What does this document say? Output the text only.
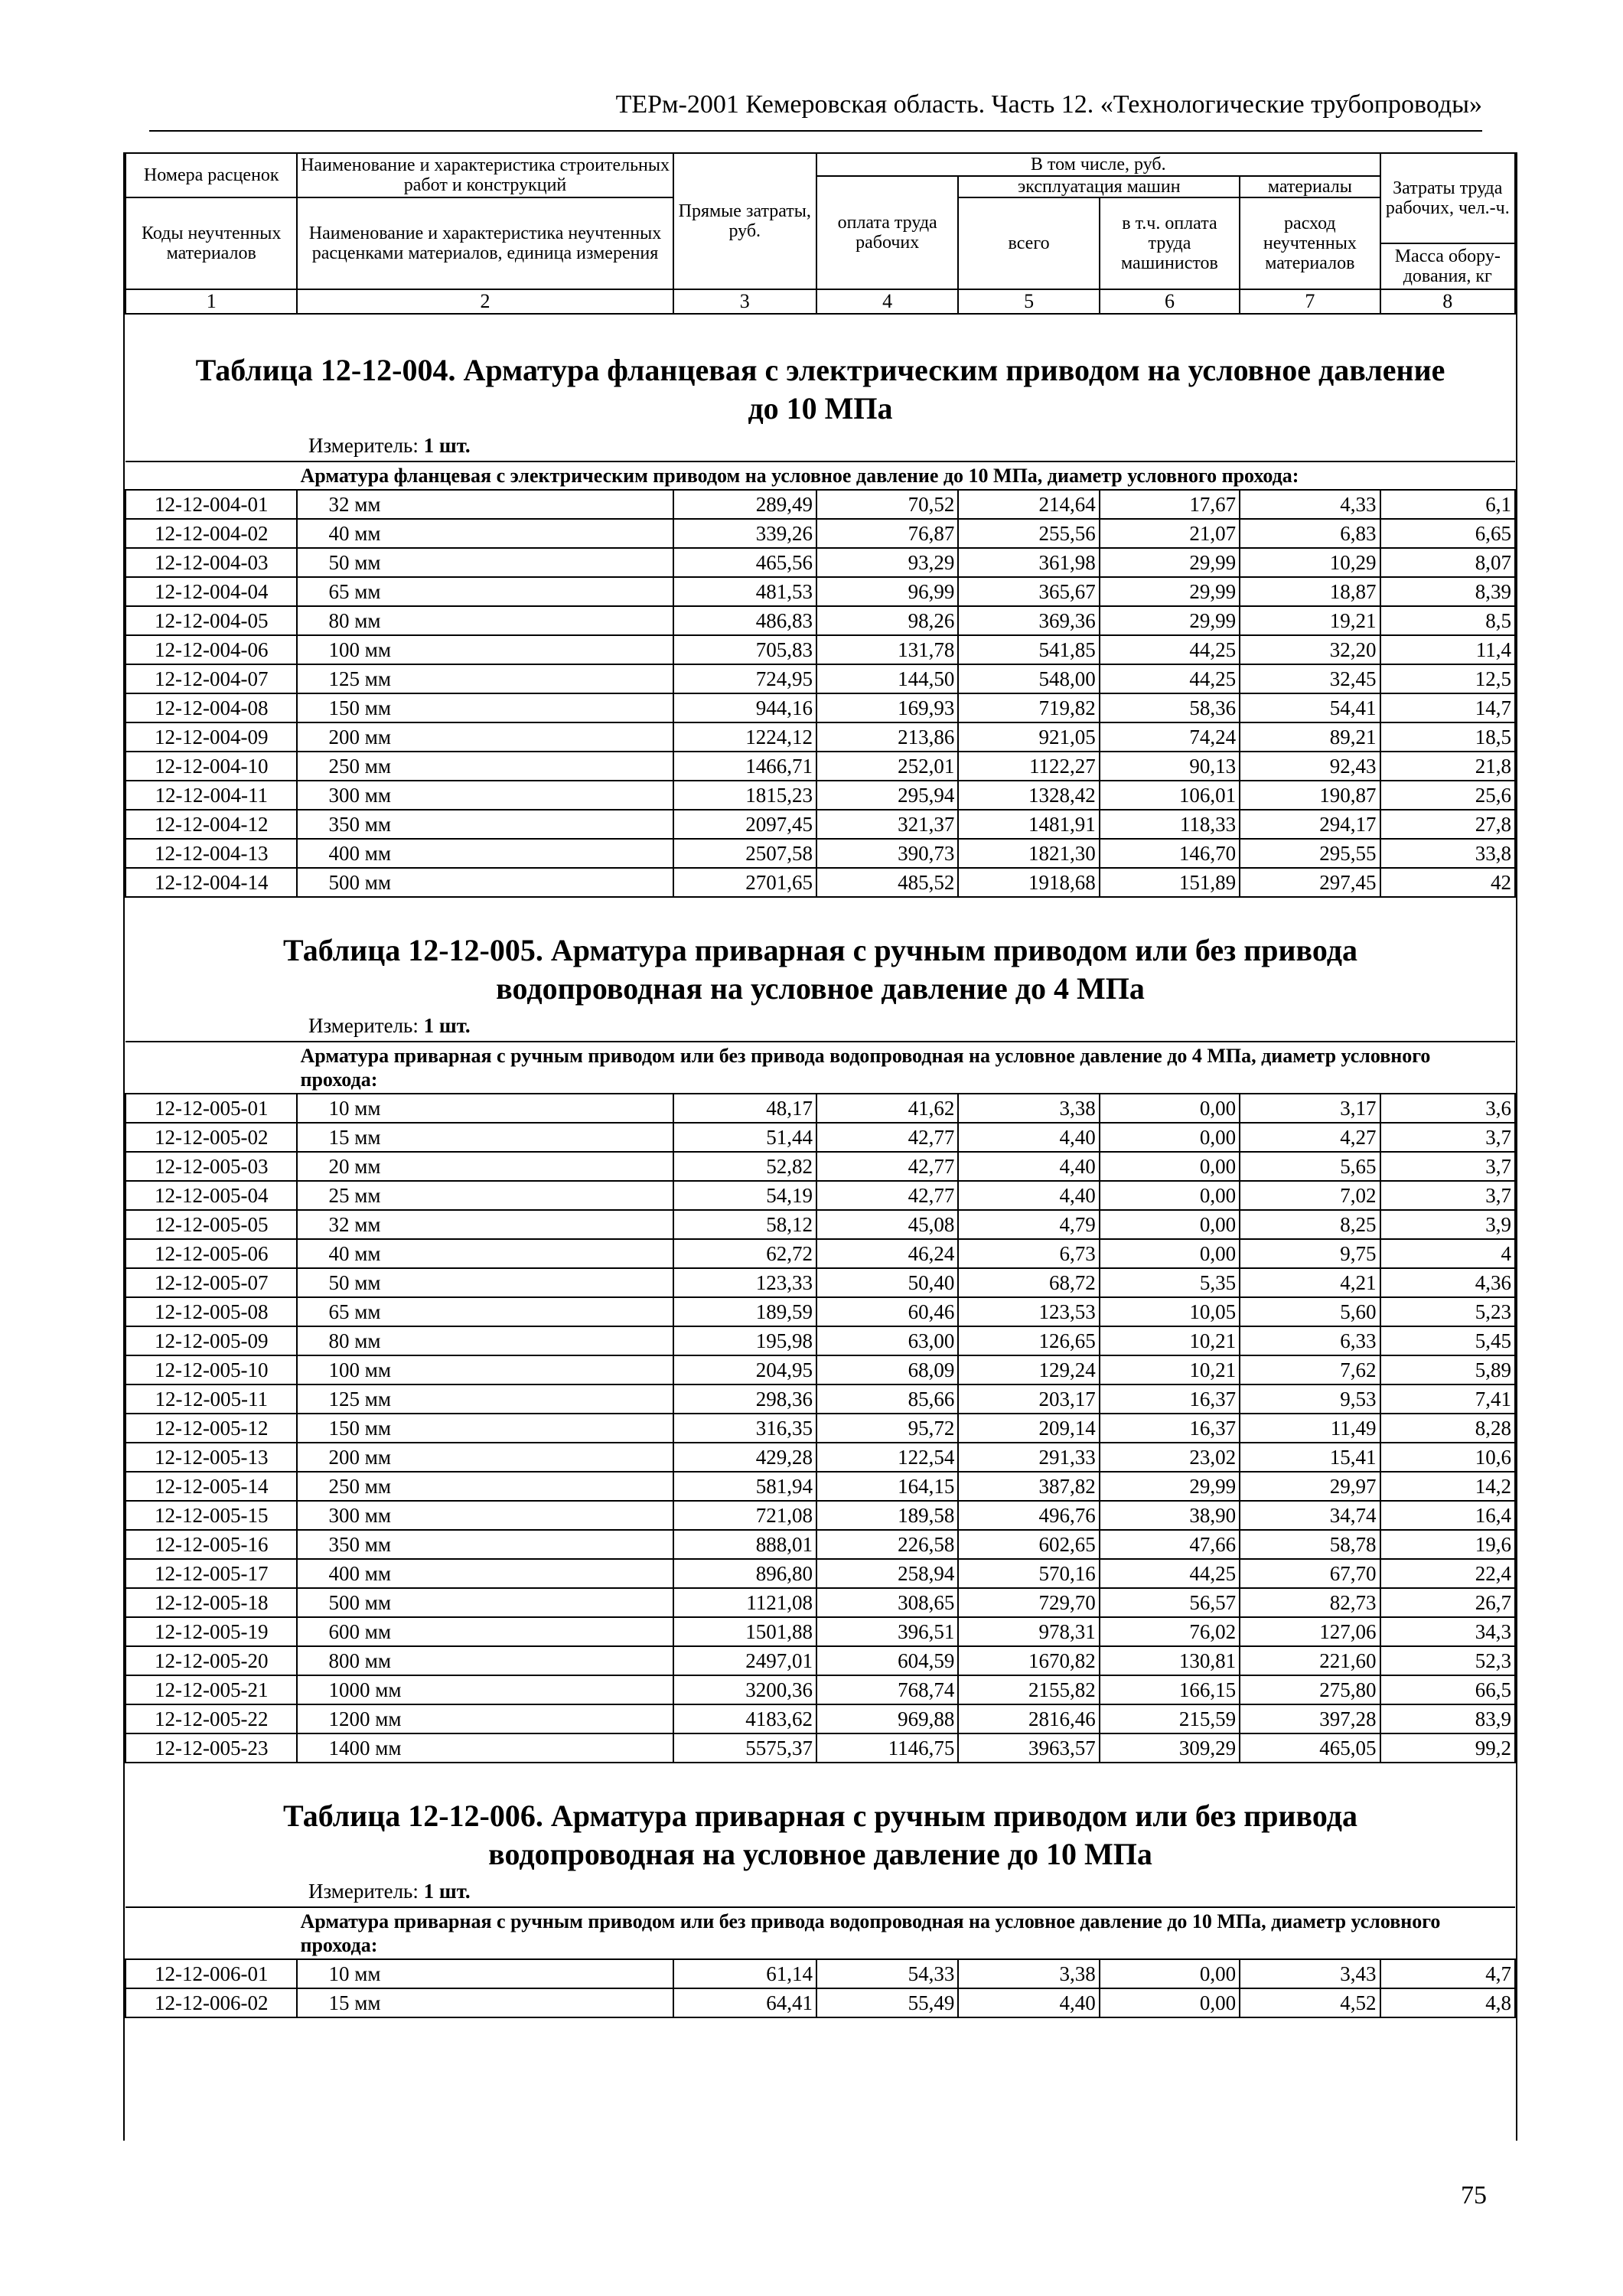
ТЕРм-2001 Кемеровская область. Часть 12. «Технологические трубопроводы»
Номера расценок	Наименование и характеристика строительных работ и конструкций	Прямые затраты, руб.	В том числе, руб.				Затраты труда рабочих, чел.-ч.
			оплата труда рабочих	эксплуатация машин		материалы	
Коды неучтенных материалов	Наименование и характеристика неучтенных расценками материалов, единица измерения			всего	в т.ч. оплата труда машинистов	расход неучтенных материалов	
							Масса обору-дования, кг
1	2	3	4	5	6	7	8
Таблица 12-12-004. Арматура фланцевая с электрическим приводом на условное давление
до 10 МПа
Измеритель: 1 шт.
	Арматура фланцевая с электрическим приводом на условное давление до 10 МПа, диаметр условного прохода:						
12-12-004-01	32 мм	289,49	70,52	214,64	17,67	4,33	6,1
12-12-004-02	40 мм	339,26	76,87	255,56	21,07	6,83	6,65
12-12-004-03	50 мм	465,56	93,29	361,98	29,99	10,29	8,07
12-12-004-04	65 мм	481,53	96,99	365,67	29,99	18,87	8,39
12-12-004-05	80 мм	486,83	98,26	369,36	29,99	19,21	8,5
12-12-004-06	100 мм	705,83	131,78	541,85	44,25	32,20	11,4
12-12-004-07	125 мм	724,95	144,50	548,00	44,25	32,45	12,5
12-12-004-08	150 мм	944,16	169,93	719,82	58,36	54,41	14,7
12-12-004-09	200 мм	1224,12	213,86	921,05	74,24	89,21	18,5
12-12-004-10	250 мм	1466,71	252,01	1122,27	90,13	92,43	21,8
12-12-004-11	300 мм	1815,23	295,94	1328,42	106,01	190,87	25,6
12-12-004-12	350 мм	2097,45	321,37	1481,91	118,33	294,17	27,8
12-12-004-13	400 мм	2507,58	390,73	1821,30	146,70	295,55	33,8
12-12-004-14	500 мм	2701,65	485,52	1918,68	151,89	297,45	42
Таблица 12-12-005. Арматура приварная с ручным приводом или без привода
водопроводная на условное давление до 4 МПа
Измеритель: 1 шт.
	Арматура приварная с ручным приводом или без привода водопроводная на условное давление до 4 МПа, диаметр условного прохода:						
12-12-005-01	10 мм	48,17	41,62	3,38	0,00	3,17	3,6
12-12-005-02	15 мм	51,44	42,77	4,40	0,00	4,27	3,7
12-12-005-03	20 мм	52,82	42,77	4,40	0,00	5,65	3,7
12-12-005-04	25 мм	54,19	42,77	4,40	0,00	7,02	3,7
12-12-005-05	32 мм	58,12	45,08	4,79	0,00	8,25	3,9
12-12-005-06	40 мм	62,72	46,24	6,73	0,00	9,75	4
12-12-005-07	50 мм	123,33	50,40	68,72	5,35	4,21	4,36
12-12-005-08	65 мм	189,59	60,46	123,53	10,05	5,60	5,23
12-12-005-09	80 мм	195,98	63,00	126,65	10,21	6,33	5,45
12-12-005-10	100 мм	204,95	68,09	129,24	10,21	7,62	5,89
12-12-005-11	125 мм	298,36	85,66	203,17	16,37	9,53	7,41
12-12-005-12	150 мм	316,35	95,72	209,14	16,37	11,49	8,28
12-12-005-13	200 мм	429,28	122,54	291,33	23,02	15,41	10,6
12-12-005-14	250 мм	581,94	164,15	387,82	29,99	29,97	14,2
12-12-005-15	300 мм	721,08	189,58	496,76	38,90	34,74	16,4
12-12-005-16	350 мм	888,01	226,58	602,65	47,66	58,78	19,6
12-12-005-17	400 мм	896,80	258,94	570,16	44,25	67,70	22,4
12-12-005-18	500 мм	1121,08	308,65	729,70	56,57	82,73	26,7
12-12-005-19	600 мм	1501,88	396,51	978,31	76,02	127,06	34,3
12-12-005-20	800 мм	2497,01	604,59	1670,82	130,81	221,60	52,3
12-12-005-21	1000 мм	3200,36	768,74	2155,82	166,15	275,80	66,5
12-12-005-22	1200 мм	4183,62	969,88	2816,46	215,59	397,28	83,9
12-12-005-23	1400 мм	5575,37	1146,75	3963,57	309,29	465,05	99,2
Таблица 12-12-006. Арматура приварная с ручным приводом или без привода
водопроводная на условное давление до 10 МПа
Измеритель: 1 шт.
	Арматура приварная с ручным приводом или без привода водопроводная на условное давление до 10 МПа, диаметр условного прохода:						
12-12-006-01	10 мм	61,14	54,33	3,38	0,00	3,43	4,7
12-12-006-02	15 мм	64,41	55,49	4,40	0,00	4,52	4,8
75
